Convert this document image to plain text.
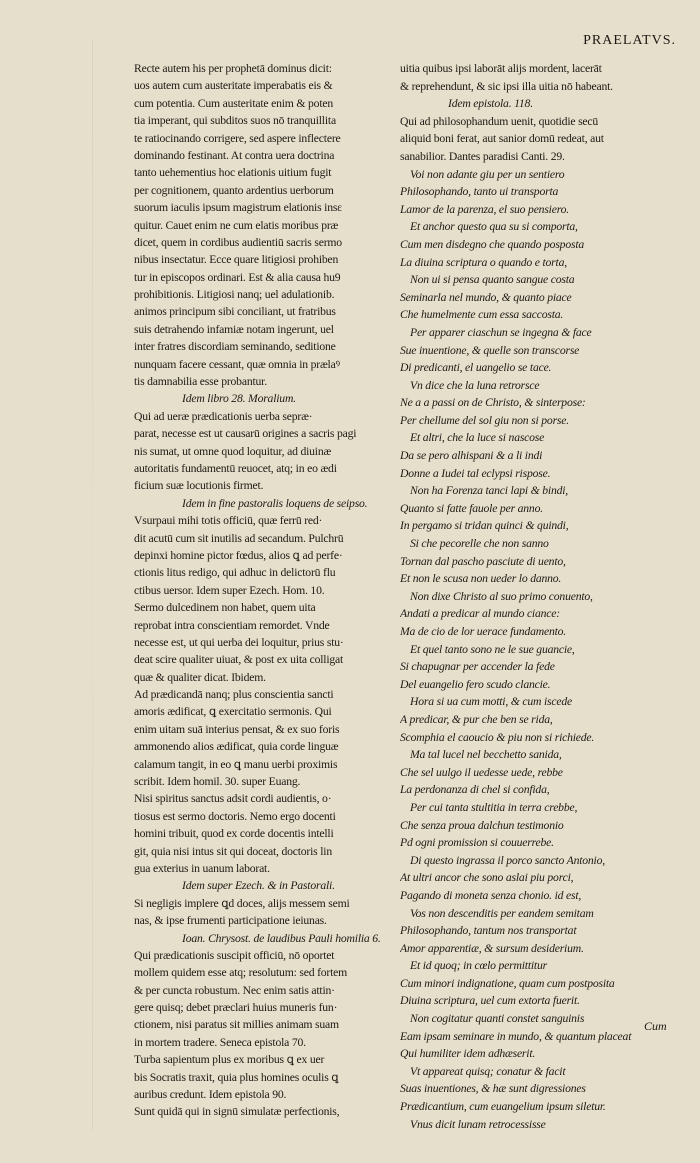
PRAELATVS.
Recte autem his per prophetā dominus dicit:
uos autem cum austeritate imperabatis eis &
cum potentia. Cum austeritate enim & poten
tia imperant, qui subditos suos nō tranquillita
te ratiocinando corrigere, sed aspere inflectere
dominando festinant. At contra uera doctrina
tanto uehementius hoc elationis uitium fugit
per cognitionem, quanto ardentius uerborum
suorum iaculis ipsum magistrum elationis insε
quitur. Cauet enim ne cum elatis moribus præ
dicet, quem in cordibus audientiū sacris sermo
nibus insectatur. Ecce quare litigiosi prohiben
tur in episcopos ordinari. Est & alia causa hu9
prohibitionis. Litigiosi nanq; uel adulationib.
animos principum sibi conciliant, ut fratribus
suis detrahendo infamiæ notam ingerunt, uel
inter fratres discordiam seminando, seditione
nunquam facere cessant, quæ omnia in prælaꝰ
tis damnabilia esse probantur.
Idem libro 28. Moralium.
Qui ad ueræ prædicationis uerba sepræ·
parat, necesse est ut causarū origines a sacris pagi
nis sumat, ut omne quod loquitur, ad diuinæ
autoritatis fundamentū reuocet, atq; in eo ædi
ficium suæ locutionis firmet.
Idem in fine pastoralis loquens de seipso.
Vsurpaui mihi totis officiū, quæ ferrū red·
dit acutū cum sit inutilis ad secandum. Pulchrū
depinxi homine pictor fœdus, alios ꝗ ad perfe·
ctionis litus redigo, qui adhuc in delictorū flu
ctibus uersor. Idem super Ezech. Hom. 10.
Sermo dulcedinem non habet, quem uita
reprobat intra conscientiam remordet. Vnde
necesse est, ut qui uerba dei loquitur, prius stu·
deat scire qualiter uiuat, & post ex uita colligat
quæ & qualiter dicat. Ibidem.
Ad prædicandā nanq; plus conscientia sancti
amoris ædificat, ꝗ exercitatio sermonis. Qui
enim uitam suā interius pensat, & ex suo foris
ammonendo alios ædificat, quia corde linguæ
calamum tangit, in eo ꝗ manu uerbi proximis
scribit. Idem homil. 30. super Euang.
Nisi spiritus sanctus adsit cordi audientis, o·
tiosus est sermo doctoris. Nemo ergo docenti
homini tribuit, quod ex corde docentis intelli
git, quia nisi intus sit qui doceat, doctoris lin
gua exterius in uanum laborat.
Idem super Ezech. & in Pastorali.
Si negligis implere ꝗd doces, alijs messem semi
nas, & ipse frumenti participatione ieiunas.
Ioan. Chrysost. de laudibus Pauli homilia 6.
Qui prædicationis suscipit officiū, nō oportet
mollem quidem esse atq; resolutum: sed fortem
& per cuncta robustum. Nec enim satis attin·
gere quisq; debet præclari huius muneris fun·
ctionem, nisi paratus sit millies animam suam
in mortem tradere. Seneca epistola 70.
Turba sapientum plus ex moribus ꝗ ex uer
bis Socratis traxit, quia plus homines oculis ꝗ
auribus credunt. Idem epistola 90.
Sunt quidā qui in signū simulatæ perfectionis,
uitia quibus ipsi laborāt alijs mordent, lacerāt
& reprehendunt, & sic ipsi illa uitia nō habeant.
Idem epistola. 118.
Qui ad philosophandum uenit, quotidie secū
aliquid boni ferat, aut sanior domū redeat, aut
sanabilior. Dantes paradisi Canti. 29.
Voi non adante giu per un sentiero
Philosophando, tanto ui transporta
Lamor de la parenza, el suo pensiero.
Et anchor questo qua su si comporta,
Cum men disdegno che quando posposta
La diuina scriptura o quando e torta,
Non ui si pensa quanto sangue costa
Seminarla nel mundo, & quanto piace
Che humelmente cum essa saccosta.
Per apparer ciaschun se ingegna & face
Sue inuentione, & quelle son transcorse
Di predicanti, el uangelio se tace.
Vn dice che la luna retrorsce
Ne a a passi on de Christo, & sinterpose:
Per chellume del sol giu non si porse.
Et altri, che la luce si nascose
Da se pero alhispani & a li indi
Donne a Iudei tal eclypsi rispose.
Non ha Forenza tanci lapi & bindi,
Quanto si fatte fauole per anno.
In pergamo si tridan quinci & quindi,
Si che pecorelle che non sanno
Tornan dal pascho pasciute di uento,
Et non le scusa non ueder lo danno.
Non dixe Christo al suo primo conuento,
Andati a predicar al mundo ciance:
Ma de cio de lor uerace fundamento.
Et quel tanto sono ne le sue guancie,
Si chapugnar per accender la fede
Del euangelio fero scudo clancie.
Hora si ua cum motti, & cum iscede
A predicar, & pur che ben se rida,
Scomphia el caoucio & piu non si richiede.
Ma tal lucel nel becchetto sanida,
Che sel uulgo il uedesse uede, rebbe
La perdonanza di chel si confida,
Per cui tanta stultitia in terra crebbe,
Che senza proua dalchun testimonio
Pd ogni promission si couuerrebe.
Di questo ingrassa il porco sancto Antonio,
At ultri ancor che sono aslai piu porci,
Pagando di moneta senza chonio. id est,
Vos non descenditis per eandem semitam
Philosophando, tantum nos transportat
Amor apparentiæ, & sursum desiderium.
Et id quoq; in cœlo permittitur
Cum minori indignatione, quam cum postposita
Diuina scriptura, uel cum extorta fuerit.
Non cogitatur quanti constet sanguinis
Eam ipsam seminare in mundo, & quantum placeat
Qui humiliter idem adhæserit.
Vt appareat quisq; conatur & facit
Suas inuentiones, & hæ sunt digressiones
Prædicantium, cum euangelium ipsum siletur.
Vnus dicit lunam retrocessisse
Cum
